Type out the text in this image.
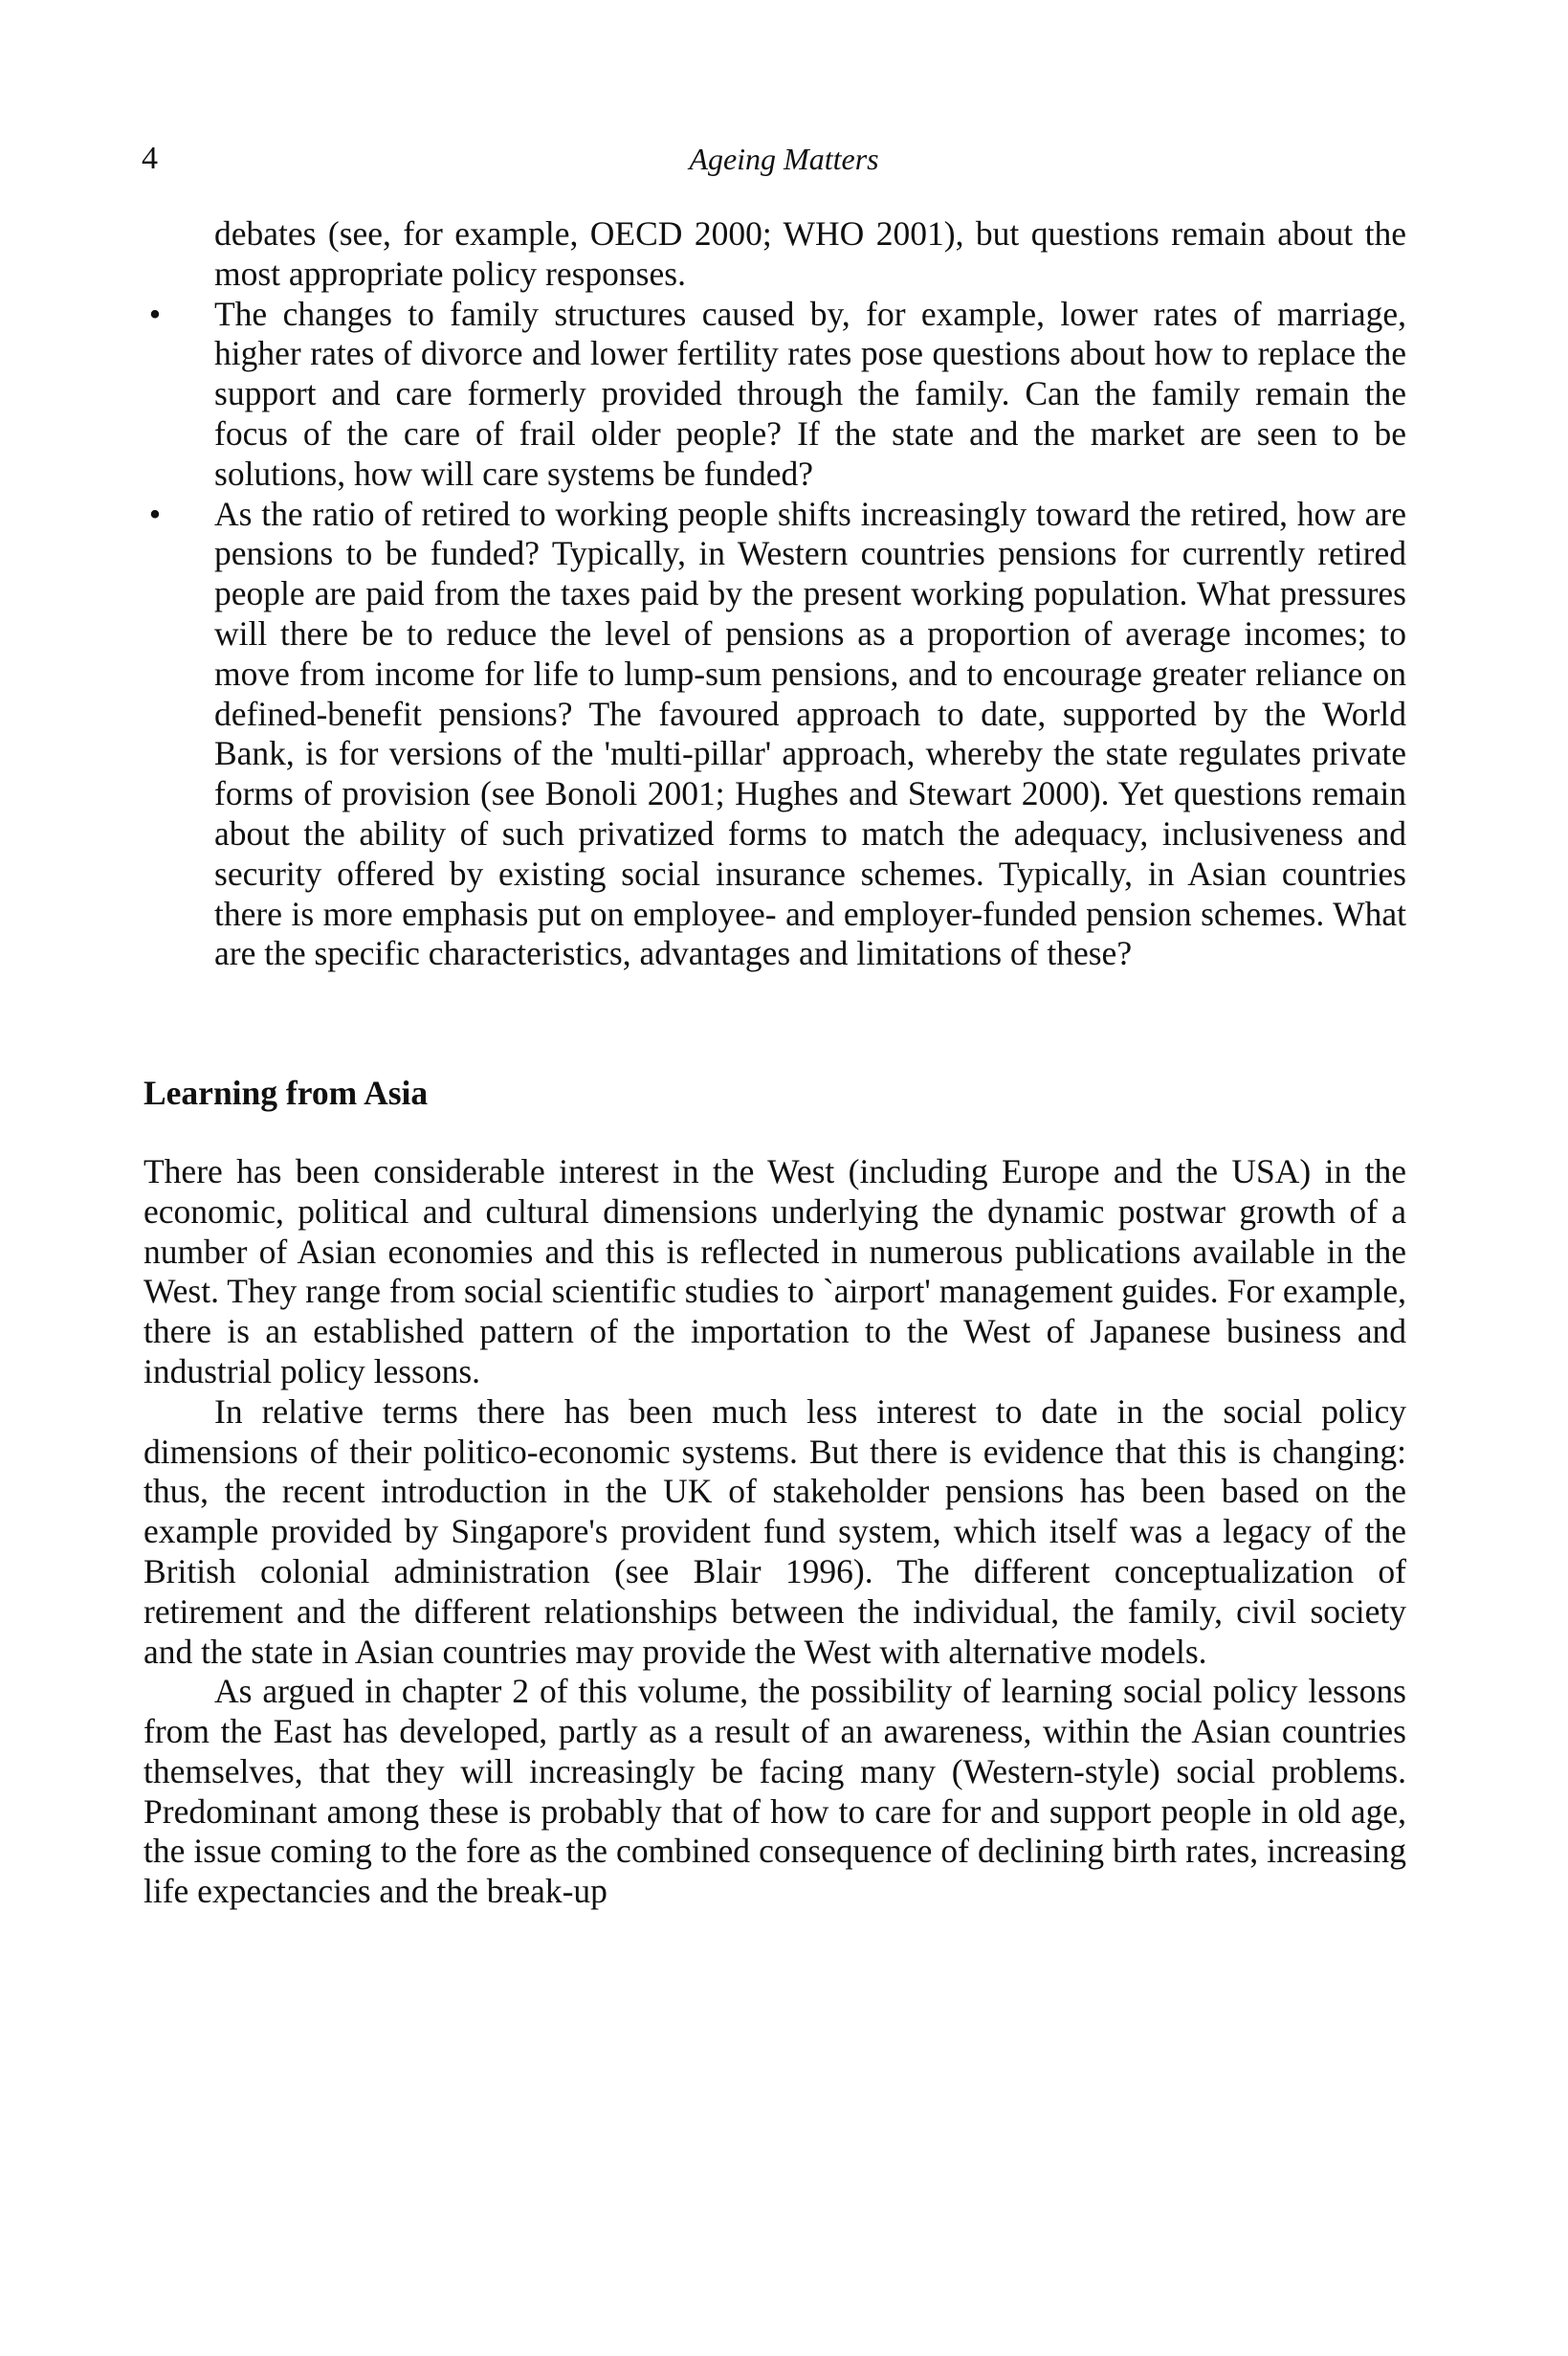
4	Ageing Matters

debates (see, for example, OECD 2000; WHO 2001), but questions remain about the most appropriate policy responses.

• The changes to family structures caused by, for example, lower rates of marriage, higher rates of divorce and lower fertility rates pose questions about how to replace the support and care formerly provided through the family. Can the family remain the focus of the care of frail older people? If the state and the market are seen to be solutions, how will care systems be funded?
• As the ratio of retired to working people shifts increasingly toward the retired, how are pensions to be funded? Typically, in Western countries pensions for currently retired people are paid from the taxes paid by the present working population. What pressures will there be to reduce the level of pensions as a proportion of average incomes; to move from income for life to lump-sum pensions, and to encourage greater reliance on defined-benefit pensions? The favoured approach to date, supported by the World Bank, is for versions of the 'multi-pillar' approach, whereby the state regulates private forms of provision (see Bonoli 2001; Hughes and Stewart 2000). Yet questions remain about the ability of such privatized forms to match the adequacy, inclusiveness and security offered by existing social insurance schemes. Typically, in Asian countries there is more emphasis put on employee- and employer-funded pension schemes. What are the specific characteristics, advantages and limitations of these?
Learning from Asia

There has been considerable interest in the West (including Europe and the USA) in the economic, political and cultural dimensions underlying the dynamic postwar growth of a number of Asian economies and this is reflected in numerous publications available in the West. They range from social scientific studies to `airport' management guides. For example, there is an established pattern of the importation to the West of Japanese business and industrial policy lessons.

In relative terms there has been much less interest to date in the social policy dimensions of their politico-economic systems. But there is evidence that this is changing: thus, the recent introduction in the UK of stakeholder pensions has been based on the example provided by Singapore's provident fund system, which itself was a legacy of the British colonial administration (see Blair 1996). The different conceptualization of retirement and the different relationships between the individual, the family, civil society and the state in Asian countries may provide the West with alternative models.

As argued in chapter 2 of this volume, the possibility of learning social policy lessons from the East has developed, partly as a result of an awareness, within the Asian countries themselves, that they will increasingly be facing many (Western-style) social problems. Predominant among these is probably that of how to care for and support people in old age, the issue coming to the fore as the combined consequence of declining birth rates, increasing life expectancies and the break-up
